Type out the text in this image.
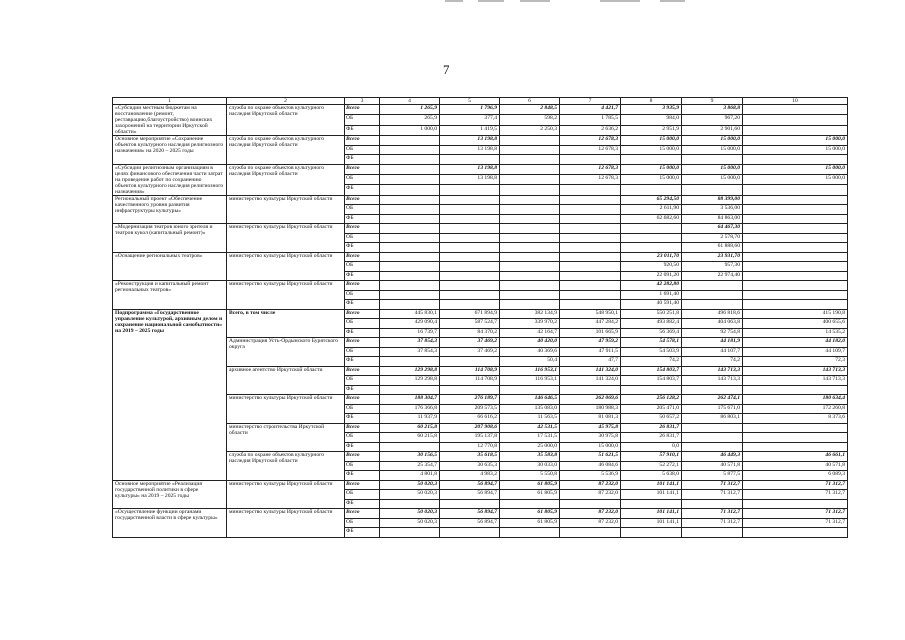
7
1	2	3	4	5	6	7	8	9	10
«Субсидии местным бюджетам на восстановление (ремонт, реставрацию,благоустройство) воинских захоронений на территории Иркутской области»	служба по охране объектов культурного наследия Иркутской области	Всего	1 265,9	1 796,9	2 848,5	4 421,7	3 935,9	3 868,8	
		ОБ	265,9	377,4	598,2	1 785,5	984,0	967,20	
		ФБ	1 000,0	1 419,5	2 250,3	2 636,2	2 951,9	2 901,60	
Основное мероприятие «Сохранение объектов культурного наследия религиозного назначения» на 2020 – 2025 годы	служба по охране объектов культурного наследия Иркутской области	Всего		13 198,8		12 678,3	15 000,0	15 000,0	15 000,0
		ОБ		13 198,8		12 678,3	15 000,0	15 000,0	15 000,0
		ФБ							
«Субсидии религиозным организациям в целях финансового обеспечения части затрат на проведение работ по сохранению объектов культурного наследия религиозного назначения»	служба по охране объектов культурного наследия Иркутской области	Всего		13 198,8		12 678,3	15 000,0	15 000,0	15 000,0
		ОБ		13 198,8		12 678,3	15 000,0	15 000,0	15 000,0
		ФБ							
Региональный проект «Обеспечение качественного уровня развития инфраструктуры культуры»	министерство культуры Иркутской области	Всего					65 294,50	88 399,00	
		ОБ					2 611,90	3 536,00	
		ФБ					62 682,60	84 863,00	
«Модернизация театров юного зрителя и театров кукол (капитальный ремонт)»	министерство культуры Иркутской области	Всего						64 467,30	
		ОБ						2 578,70	
		ФБ						61 888,60	
«Оснащение региональных театров»	министерство культуры Иркутской области	Всего					23 011,70	23 931,70	
		ОБ					920,50	957,30	
		ФБ					22 091,20	22 974,40	
«Реконструкция и капитальный ремонт региональных театров»	министерство культуры Иркутской области	Всего					42 282,80		
		ОБ					1 691,40		
		ФБ					40 591,40		
Подпрограмма «Государственное управление культурой, архивным делом и сохранение национальной самобытности» на 2019 – 2025 годы	Всего, в том числе	Всего	445 830,1	671 894,9	382 134,9	548 950,1	550 251,8	496 818,6	415 190,8
		ОБ	429 090,4	587 524,7	339 970,2	447 284,2	493 882,4	404 063,8	400 655,6
		ФБ	16 739,7	84 370,2	42 164,7	101 665,9	56 369,4	92 754,8	14 535,2
	Администрация Усть-Ордынского Бурятского округа	Всего	37 854,3	37 469,2	40 420,0	47 959,2	54 578,1	44 181,9	44 182,0
		ОБ	37 854,3	37 469,2	40 369,6	47 911,5	54 503,9	44 107,7	44 109,7
		ФБ			50,4	47,7	74,2	74,2	72,3
	архивное агентство Иркутской области	Всего	129 298,8	114 708,9	116 953,1	141 324,0	154 803,7	143 713,3	143 713,3
		ОБ	129 298,8	114 708,9	116 953,1	141 324,0	154 803,7	143 713,3	143 713,3
		ФБ							
	министерство культуры Иркутской области	Всего	188 304,7	276 189,7	146 646,5	262 069,6	256 128,2	262 474,1	180 634,4
		ОБ	176 366,8	209 573,5	135 083,0	180 988,3	205 471,0	175 671,0	172 260,8
		ФБ	11 937,9	66 616,2	11 563,5	81 081,3	50 657,2	86 803,1	8 373,6
	министерство строительства Иркутской области	Всего	60 215,8	207 908,6	42 531,5	45 975,8	26 831,7		
		ОБ	60 215,8	195 137,8	17 531,5	30 975,8	26 831,7		
		ФБ		12 770,8	25 000,0	15 000,0	0,0		
	служба по охране объектов культурного наследия Иркутской области	Всего	30 156,5	35 618,5	35 583,8	51 621,5	57 910,1	46 449,3	46 661,1
		ОБ	25 354,7	30 635,3	30 033,0	46 084,6	52 272,1	40 571,8	40 571,8
		ФБ	4 801,8	4 983,2	5 550,8	5 536,9	5 638,0	5 877,5	6 089,3
Основное мероприятие «Реализация государственной политики в сфере культуры» на 2019 – 2025 годы	министерство культуры Иркутской области	Всего	50 020,3	56 894,7	61 805,9	87 232,0	101 141,1	71 312,7	71 312,7
		ОБ	50 020,3	56 894,7	61 805,9	87 232,0	101 141,1	71 312,7	71 312,7
		ФБ							
«Осуществление функции органами государственной власти в сфере культуры»	министерство культуры Иркутской области	Всего	50 020,3	56 894,7	61 805,9	87 232,0	101 141,1	71 312,7	71 312,7
		ОБ	50 020,3	56 894,7	61 805,9	87 232,0	101 141,1	71 312,7	71 312,7
		ФБ							
